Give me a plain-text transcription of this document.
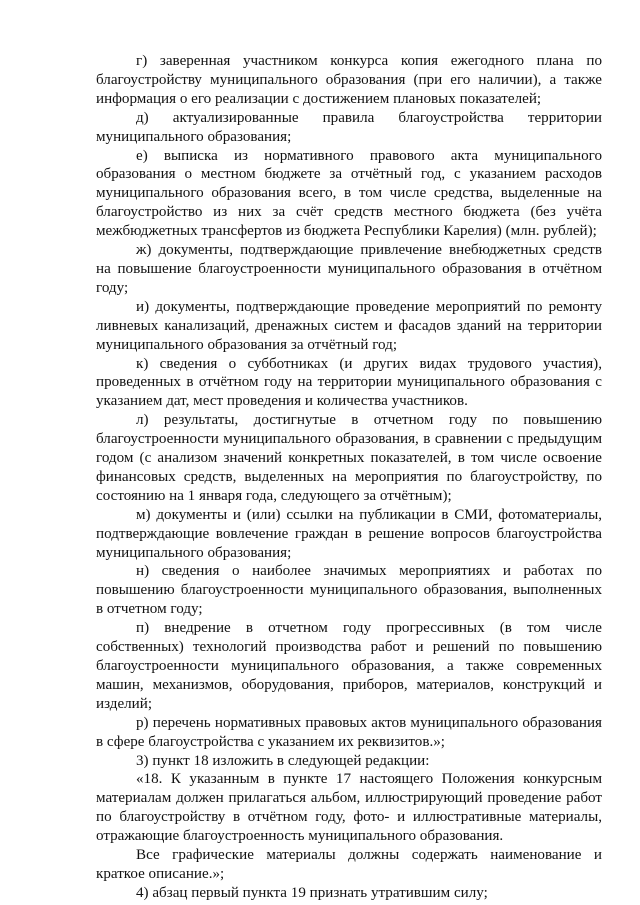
г) заверенная участником конкурса копия ежегодного плана по благоустройству муниципального образования (при его наличии), а также информация о его реализации с достижением плановых показателей;

д) актуализированные правила благоустройства территории муниципального образования;

е) выписка из нормативного правового акта муниципального образования о местном бюджете за отчётный год, с указанием расходов муниципального образования всего, в том числе средства, выделенные на благоустройство из них за счёт средств местного бюджета (без учёта межбюджетных трансфертов из бюджета Республики Карелия) (млн. рублей);

ж) документы, подтверждающие привлечение внебюджетных средств на повышение благоустроенности муниципального образования в отчётном году;

и) документы, подтверждающие проведение мероприятий по ремонту ливневых канализаций, дренажных систем и фасадов зданий на территории муниципального образования за отчётный год;

к) сведения о субботниках (и других видах трудового участия), проведенных в отчётном году на территории муниципального образования с указанием дат, мест проведения и количества участников.

л) результаты, достигнутые в отчетном году по повышению благоустроенности муниципального образования, в сравнении с предыдущим годом (с анализом значений конкретных показателей, в том числе освоение финансовых средств, выделенных на мероприятия по благоустройству, по состоянию на 1 января года, следующего за отчётным);

м) документы и (или) ссылки на публикации в СМИ, фотоматериалы, подтверждающие вовлечение граждан в решение вопросов благоустройства муниципального образования;

н) сведения о наиболее значимых мероприятиях и работах по повышению благоустроенности муниципального образования, выполненных в отчетном году;

п) внедрение в отчетном году прогрессивных (в том числе собственных) технологий производства работ и решений по повышению благоустроенности муниципального образования, а также современных машин, механизмов, оборудования, приборов, материалов, конструкций и изделий;

р) перечень нормативных правовых актов муниципального образования в сфере благоустройства с указанием их реквизитов.»;

3) пункт 18 изложить в следующей редакции:

«18. К указанным в пункте 17 настоящего Положения конкурсным материалам должен прилагаться альбом, иллюстрирующий проведение работ по благоустройству в отчётном году, фото- и иллюстративные материалы, отражающие благоустроенность муниципального образования.

Все графические материалы должны содержать наименование и краткое описание.»;

4) абзац первый пункта 19 признать утратившим силу;
